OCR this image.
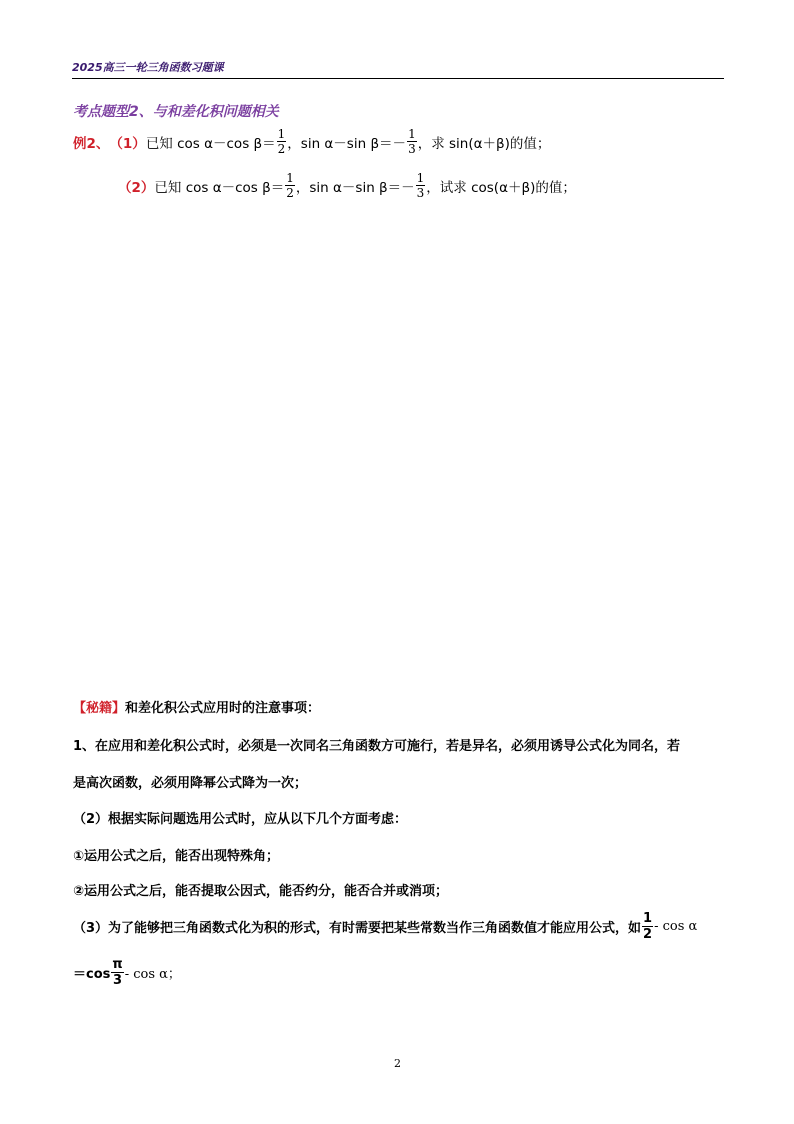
2025高三一轮三角函数习题课
考点题型2、与和差化积问题相关
例2、 （1） 已知 cos α－cos $\beta= \frac{1}{2}$ ，sin α－sin $\beta=- \frac{1}{3}$ ，求 sin(α＋β)的值；
（2） 已知 cos α－cos $\beta= \frac{1}{2}$ ，sin α－sin $\beta=- \frac{1}{3}$ ，试求 cos(α＋β)的值；
【秘籍】和差化积公式应用时的注意事项：
1、在应用和差化积公式时，必须是一次同名三角函数方可施行，若是异名，必须用诱导公式化为同名，若
是高次函数，必须用降幂公式降为一次；
（2）根据实际问题选用公式时，应从以下几个方面考虑：
①运用公式之后，能否出现特殊角；
②运用公式之后，能否提取公因式，能否约分，能否合并或消项；
（3）为了能够把三角函数式化为积的形式，有时需要把某些常数当作三角函数值才能应用公式，如 $\frac{1}{2}$ - cos α
$=\cos \frac{\pi}{3} - \cos \alpha$；
2
